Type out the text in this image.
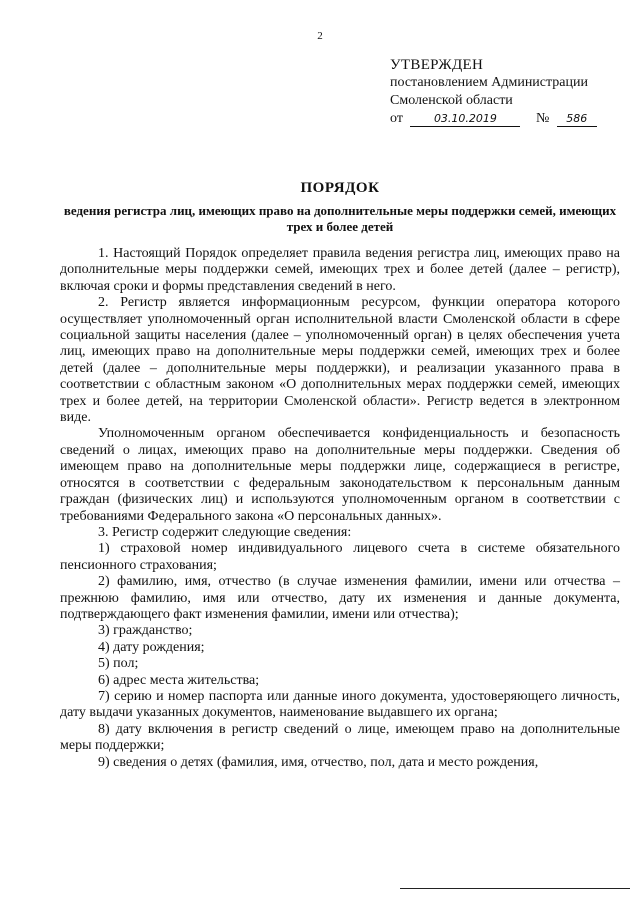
2
УТВЕРЖДЕН
постановлением Администрации
Смоленской области
от	03.10.2019	№ 586
ПОРЯДОК
ведения регистра лиц, имеющих право на дополнительные меры поддержки семей, имеющих трех и более детей

1. Настоящий Порядок определяет правила ведения регистра лиц, имеющих право на дополнительные меры поддержки семей, имеющих трех и более детей (далее – регистр), включая сроки и формы представления сведений в него.

2. Регистр является информационным ресурсом, функции оператора которого осуществляет уполномоченный орган исполнительной власти Смоленской области в сфере социальной защиты населения (далее – уполномоченный орган) в целях обеспечения учета лиц, имеющих право на дополнительные меры поддержки семей, имеющих трех и более детей (далее – дополнительные меры поддержки), и реализации указанного права в соответствии с областным законом «О дополнительных мерах поддержки семей, имеющих трех и более детей, на территории Смоленской области». Регистр ведется в электронном виде.

Уполномоченным органом обеспечивается конфиденциальность и безопасность сведений о лицах, имеющих право на дополнительные меры поддержки. Сведения об имеющем право на дополнительные меры поддержки лице, содержащиеся в регистре, относятся в соответствии с федеральным законодательством к персональным данным граждан (физических лиц) и используются уполномоченным органом в соответствии с требованиями Федерального закона «О персональных данных».

3. Регистр содержит следующие сведения:

1) страховой номер индивидуального лицевого счета в системе обязательного пенсионного страхования;

2) фамилию, имя, отчество (в случае изменения фамилии, имени или отчества – прежнюю фамилию, имя или отчество, дату их изменения и данные документа, подтверждающего факт изменения фамилии, имени или отчества);

3) гражданство;

4) дату рождения;

5) пол;

6) адрес места жительства;

7) серию и номер паспорта или данные иного документа, удостоверяющего личность, дату выдачи указанных документов, наименование выдавшего их органа;

8) дату включения в регистр сведений о лице, имеющем право на дополнительные меры поддержки;

9) сведения о детях (фамилия, имя, отчество, пол, дата и место рождения,
